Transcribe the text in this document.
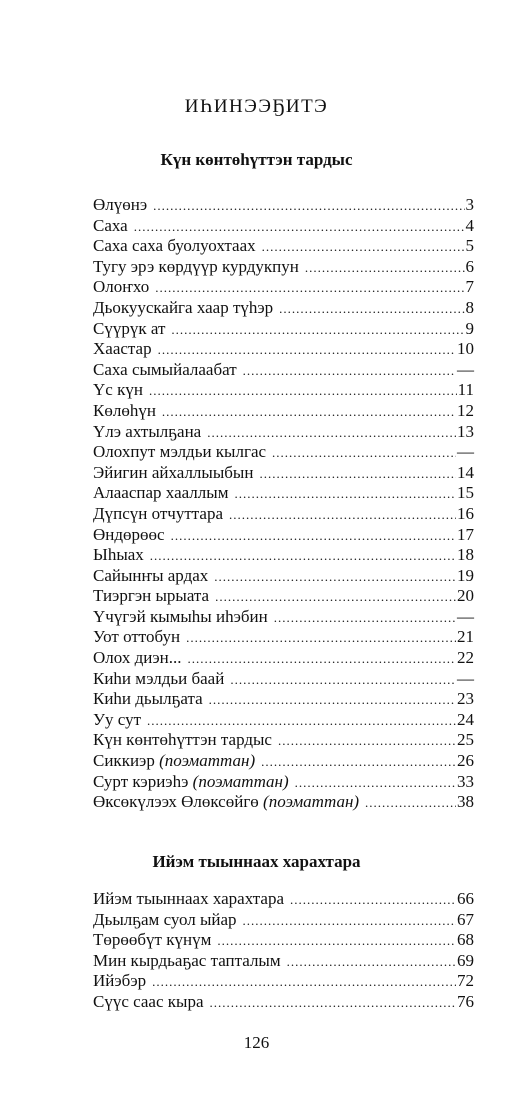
ИҺИНЭЭҔИТЭ
Күн көнтөһүттэн тардыс
Өлүөнэ .....	3
Саха .....	4
Саха саха буолуохтаах .....	5
Тугу эрэ көрдүүр курдукпун .....	6
Олоҥхо .....	7
Дьокуускайга хаар түһэр .....	8
Сүүрүк ат .....	9
Хаастар .....	10
Саха сымыйалаабат .....	—
Үс күн .....	11
Көлөһүн .....	12
Үлэ ахтылҕана .....	13
Олохпут мэлдьи кылгас .....	—
Эйигин айхаллыыбын .....	14
Алааспар хааллым .....	15
Дүпсүн отчуттара .....	16
Өндөрөөс .....	17
Ыһыах .....	18
Сайынҥы ардах .....	19
Тиэргэн ырыата .....	20
Үчүгэй кымыһы иһэбин .....	—
Уот оттобун .....	21
Олох диэн... .....	22
Киһи мэлдьи баай .....	—
Киһи дьылҕата .....	23
Уу сут .....	24
Күн көнтөһүттэн тардыс .....	25
Сиккиэр (поэматтан) .....	26
Сурт кэриэһэ (поэматтан) .....	33
Өксөкүлээх Өлөксөйгө (поэматтан) .....	38
Ийэм тыыннаах харахтара
Ийэм тыыннаах харахтара .....	66
Дьылҕам суол ыйар .....	67
Төрөөбүт күнүм .....	68
Мин кырдьаҕас тапталым .....	69
Ийэбэр .....	72
Сүүс саас кыра .....	76
126
